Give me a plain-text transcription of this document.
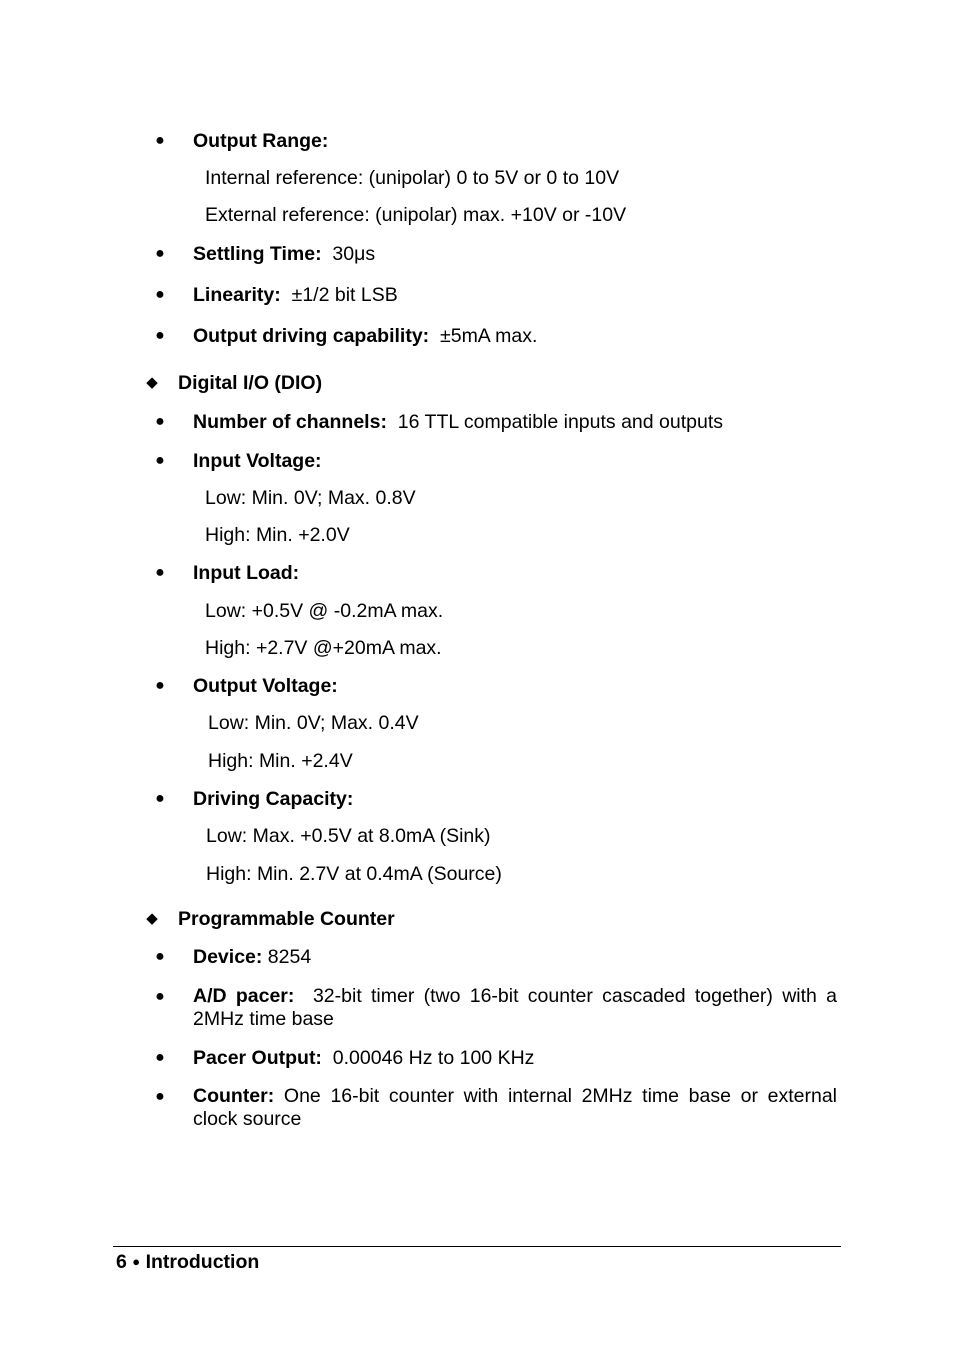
● Output Range:
Internal reference: (unipolar) 0 to 5V or 0 to 10V
External reference: (unipolar) max. +10V or -10V
● Settling Time: 30μs
● Linearity: ±1/2 bit LSB
● Output driving capability: ±5mA max.
◆ Digital I/O (DIO)
● Number of channels: 16 TTL compatible inputs and outputs
● Input Voltage:
Low: Min. 0V; Max. 0.8V
High: Min. +2.0V
● Input Load:
Low: +0.5V @ -0.2mA max.
High: +2.7V @+20mA max.
● Output Voltage:
Low: Min. 0V; Max. 0.4V
High: Min. +2.4V
● Driving Capacity:
Low: Max. +0.5V at 8.0mA (Sink)
High: Min. 2.7V at 0.4mA (Source)
◆ Programmable Counter
● Device: 8254
● A/D pacer: 32-bit timer (two 16-bit counter cascaded together) with a 2MHz time base
● Pacer Output: 0.00046 Hz to 100 KHz
● Counter: One 16-bit counter with internal 2MHz time base or external clock source
6 ● Introduction
